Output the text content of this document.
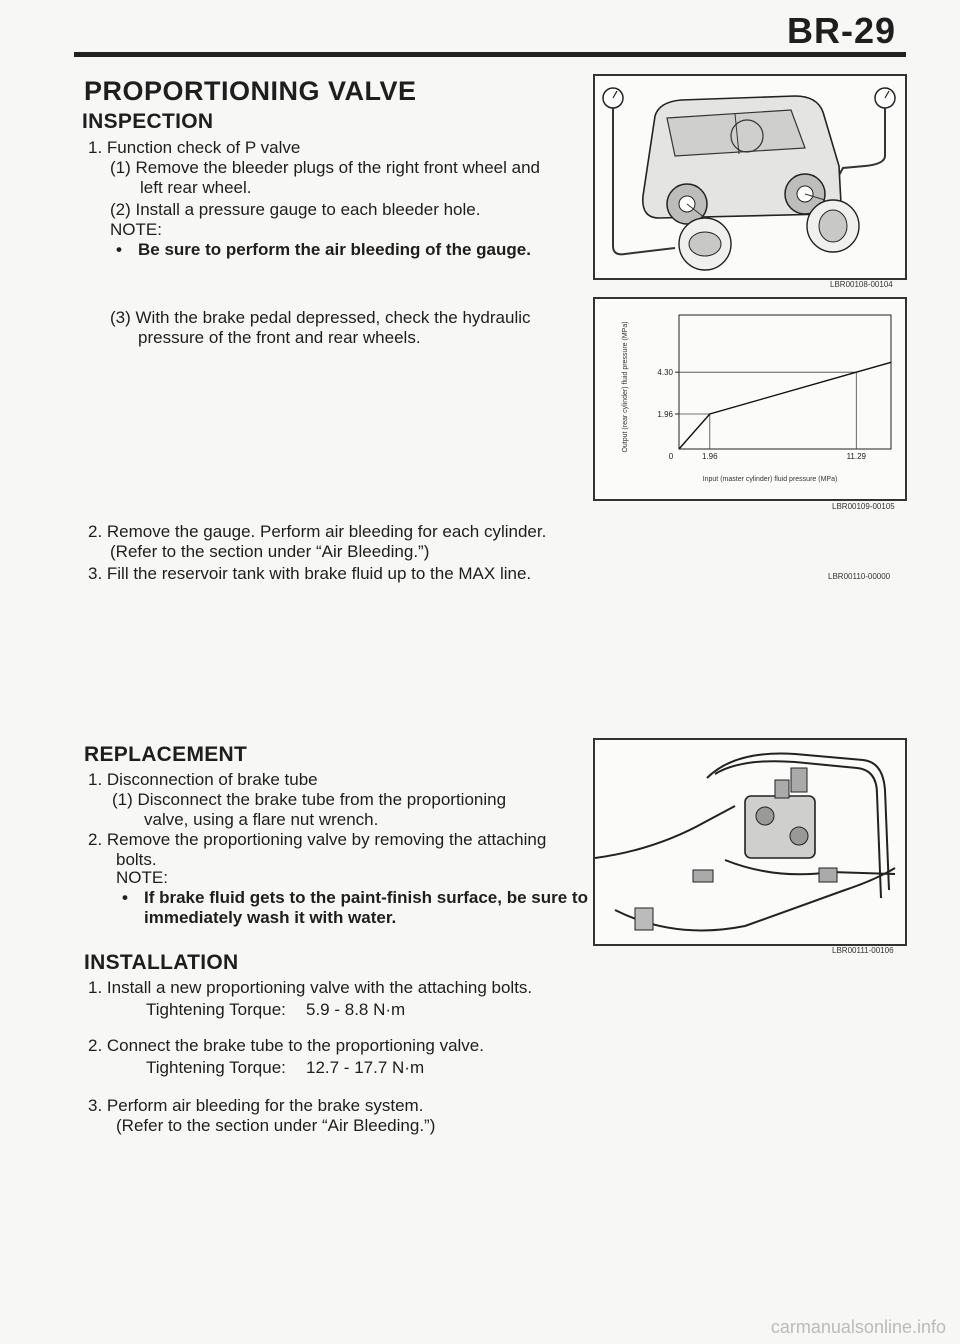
BR-29
PROPORTIONING VALVE
INSPECTION
1. Function check of P valve
(1) Remove the bleeder plugs of the right front wheel and
left rear wheel.
(2) Install a pressure gauge to each bleeder hole.
NOTE:
• Be sure to perform the air bleeding of the gauge.
(3) With the brake pedal depressed, check the hydraulic
pressure of the front and rear wheels.
2. Remove the gauge. Perform air bleeding for each cylinder.
(Refer to the section under “Air Bleeding.”)
3. Fill the reservoir tank with brake fluid up to the MAX line.	LBR00110-00000
LBR00108-00104
Output (rear cylinder) fluid pressure (MPa)
Input (master cylinder) fluid pressure (MPa)
1.96
4.30
0	1.96	11.29
LBR00109-00105
REPLACEMENT
1. Disconnection of brake tube
(1) Disconnect the brake tube from the proportioning
valve, using a flare nut wrench.
2. Remove the proportioning valve by removing the attaching
bolts.
NOTE:
• If brake fluid gets to the paint-finish surface, be sure to
immediately wash it with water.
LBR00111-00106
INSTALLATION
1. Install a new proportioning valve with the attaching bolts.
Tightening Torque: 5.9 - 8.8 N·m
2. Connect the brake tube to the proportioning valve.
Tightening Torque: 12.7 - 17.7 N·m
3. Perform air bleeding for the brake system.
(Refer to the section under “Air Bleeding.”)
carmanualsonline.info
